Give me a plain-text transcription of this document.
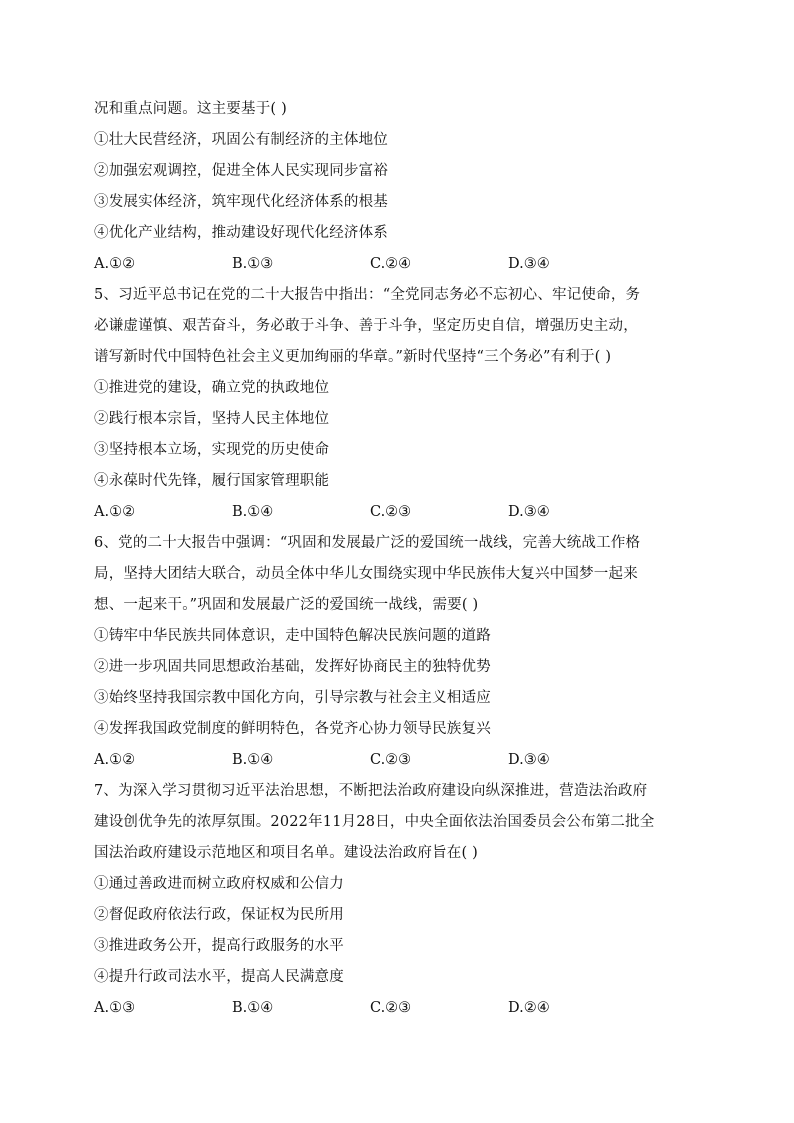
况和重点问题。这主要基于( )
①壮大民营经济，巩固公有制经济的主体地位
②加强宏观调控，促进全体人民实现同步富裕
③发展实体经济，筑牢现代化经济体系的根基
④优化产业结构，推动建设好现代化经济体系
A.①②	B.①③	C.②④	D.③④
5、习近平总书记在党的二十大报告中指出：“全党同志务必不忘初心、牢记使命，务
必谦虚谨慎、艰苦奋斗，务必敢于斗争、善于斗争，坚定历史自信，增强历史主动，
谱写新时代中国特色社会主义更加绚丽的华章。”新时代坚持“三个务必”有利于( )
①推进党的建设，确立党的执政地位
②践行根本宗旨，坚持人民主体地位
③坚持根本立场，实现党的历史使命
④永葆时代先锋，履行国家管理职能
A.①②	B.①④	C.②③	D.③④
6、党的二十大报告中强调：“巩固和发展最广泛的爱国统一战线，完善大统战工作格
局，坚持大团结大联合，动员全体中华儿女围绕实现中华民族伟大复兴中国梦一起来
想、一起来干。”巩固和发展最广泛的爱国统一战线，需要( )
①铸牢中华民族共同体意识，走中国特色解决民族问题的道路
②进一步巩固共同思想政治基础，发挥好协商民主的独特优势
③始终坚持我国宗教中国化方向，引导宗教与社会主义相适应
④发挥我国政党制度的鲜明特色，各党齐心协力领导民族复兴
A.①②	B.①④	C.②③	D.③④
7、为深入学习贯彻习近平法治思想，不断把法治政府建设向纵深推进，营造法治政府
建设创优争先的浓厚氛围。2022年11月28日，中央全面依法治国委员会公布第二批全
国法治政府建设示范地区和项目名单。建设法治政府旨在( )
①通过善政进而树立政府权威和公信力
②督促政府依法行政，保证权为民所用
③推进政务公开，提高行政服务的水平
④提升行政司法水平，提高人民满意度
A.①③	B.①④	C.②③	D.②④
